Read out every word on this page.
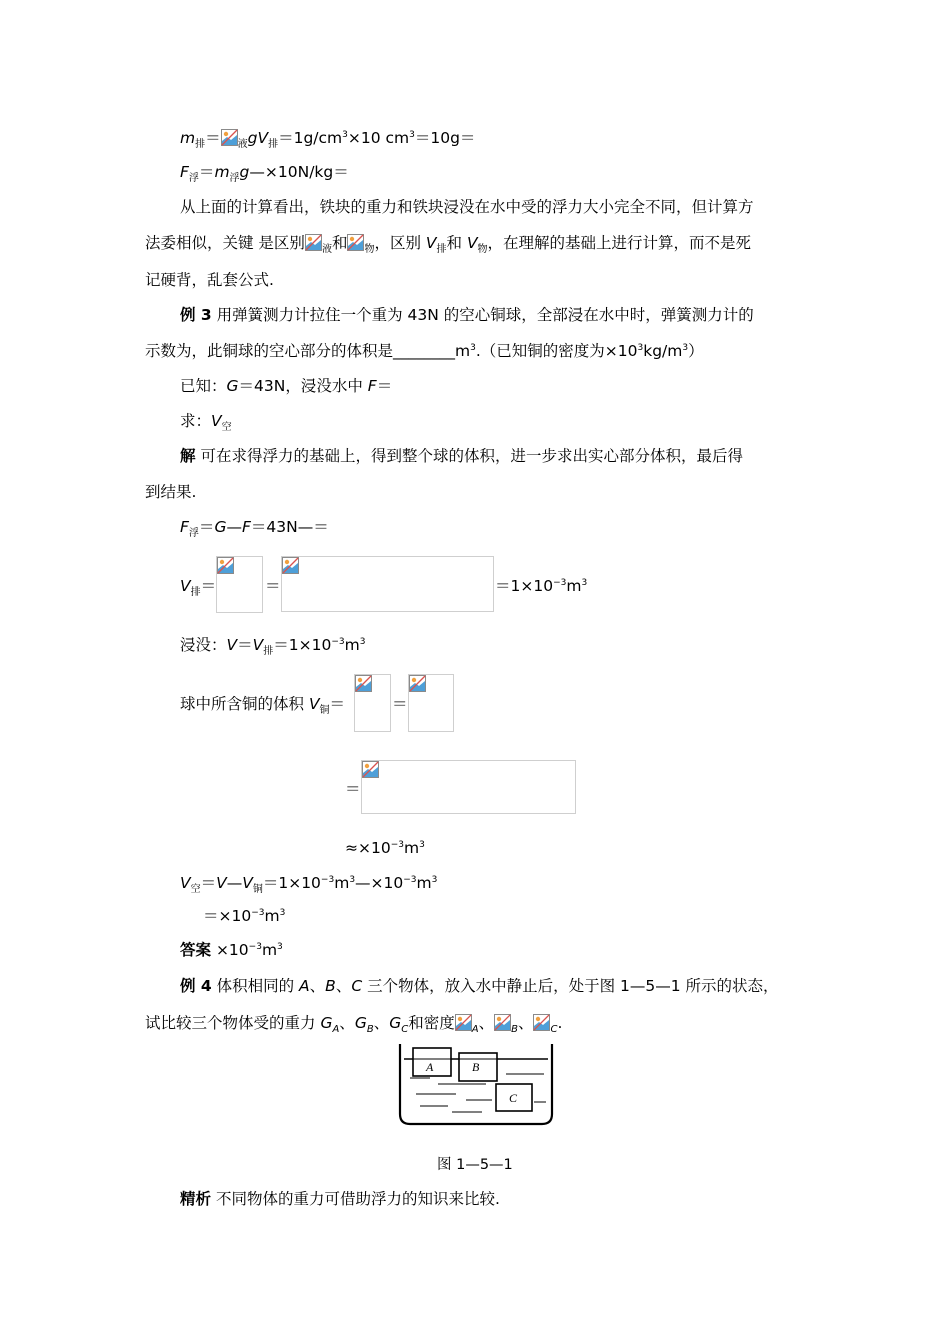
$m_排= _液gV_排=1g/cm^3\times 10$ $cm^3=10g=$
$F_浮=m_浮g—\times 10N/kg=$
从上面的计算看出，铁块的重力和铁块浸没在水中受的浮力大小完全不同，但计算方
法委相似，关键 是区别 $_液$和 $_物$，区别 $V_排$和 $V_物$，在理解的基础上进行计算，而不是死
记硬背，乱套公式.
例 3 用弹簧测力计拉住一个重为 43N 的空心铜球，全部浸在水中时，弹簧测力计的
示数为，此铜球的空心部分的体积是$\_\_\_\_\_\_\_\_m^3$.（已知铜的密度为$\times 10^3kg/m^3$）
已知：G＝43N，浸没水中 F＝
求：$V_空$
解 可在求得浮力的基础上，得到整个球的体积，进一步求出实心部分体积，最后得
到结果.
$F_浮=G—F=43N—=$
$V_排=$	＝	$=1\times 10^{-3}m^3$
浸没：$V=V_排=1\times 10^{-3}m^3$
球中所含铜的体积 $V_铜=$	＝
＝
$\approx\times 10^{-3}m^3$
$V_空=V—V_铜=1\times 10^{-3}m^3—\times 10^{-3}m^3$
$=\times 10^{-3}m^3$
答案 $\times 10^{-3}m^3$
例 4 体积相同的 A、B、C 三个物体，放入水中静止后，处于图 1—5—1 所示的状态，
试比较三个物体受的重力 $G_A$、$G_B$、$G_C$和密度 $_A$、 $_B$、 $_C$.
A	B
C
图 1—5—1
精析 不同物体的重力可借助浮力的知识来比较.
